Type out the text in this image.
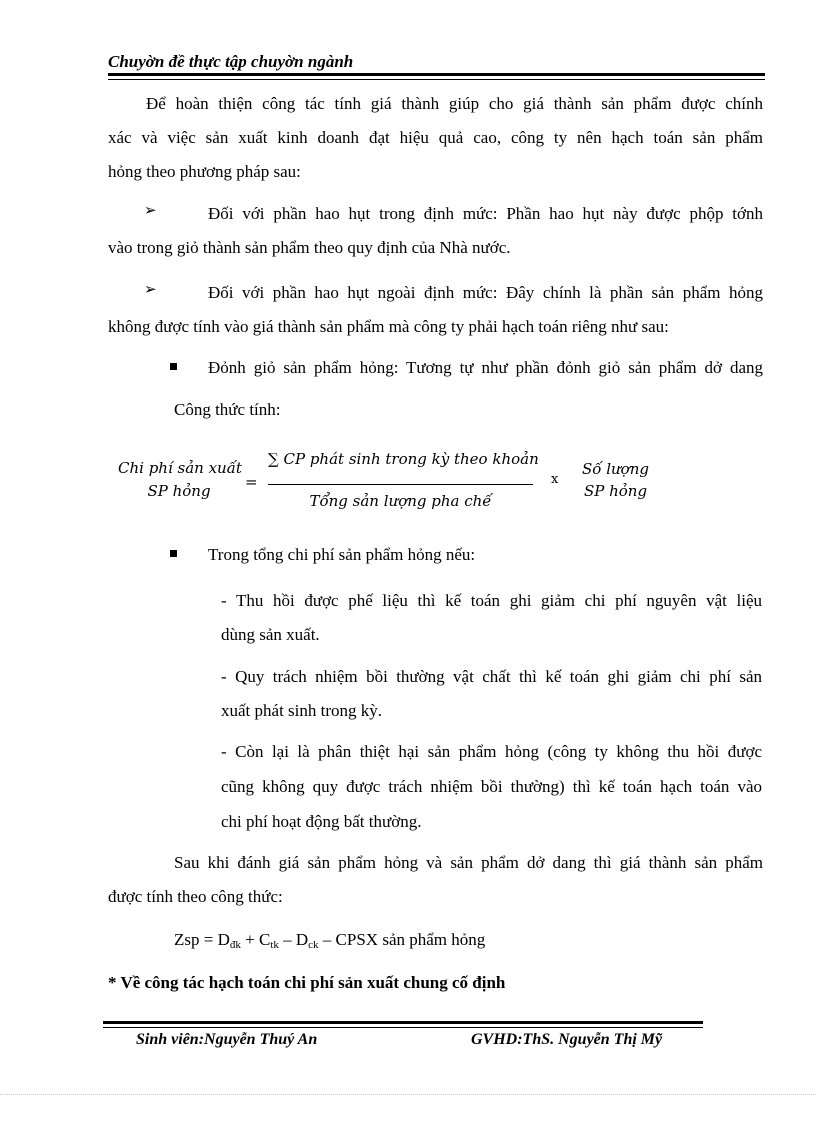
Chuyờn đề thực tập chuyờn ngành
Để hoàn thiện công tác tính giá thành giúp cho giá thành sản phẩm được chính
xác và việc sản xuất kinh doanh đạt hiệu quả cao, công ty nên hạch toán sản phẩm
hỏng theo phương pháp sau:
➢	Đối với phần hao hụt trong định mức: Phần hao hụt này được phộp tớnh
vào trong giỏ thành sản phẩm theo quy định của Nhà nước.
➢	Đối với phần hao hụt ngoài định mức: Đây chính là phần sản phẩm hỏng
không được tính vào giá thành sản phẩm mà công ty phải hạch toán riêng như sau:
Đỏnh giỏ sản phẩm hỏng: Tương tự như phần đỏnh giỏ sản phẩm dở dang
Công thức tính:
Chi phí sản xuất
SP hỏng	=
∑ CP phát sinh trong kỳ theo khoản
Tổng sản lượng pha chế
x
Số lượng
SP hỏng
Trong tổng chi phí sản phẩm hỏng nếu:
- Thu hồi được phế liệu thì kế toán ghi giảm chi phí nguyên vật liệu
dùng sản xuất.
- Quy trách nhiệm bồi thường vật chất thì kế toán ghi giảm chi phí sản
xuất phát sinh trong kỳ.
- Còn lại là phân thiệt hại sản phẩm hỏng (công ty không thu hồi được
cũng không quy được trách nhiệm bồi thường) thì kế toán hạch toán vào
chi phí hoạt động bất thường.
Sau khi đánh giá sản phẩm hỏng và sản phẩm dở dang thì giá thành sản phẩm
được tính theo công thức:
Zsp = $D_{đk} + C_{tk} - D_{ck}$ – CPSX sản phẩm hỏng
* Về công tác hạch toán chi phí sản xuất chung cố định
Sinh viên:Nguyễn Thuý An	GVHD:ThS. Nguyễn Thị Mỹ
